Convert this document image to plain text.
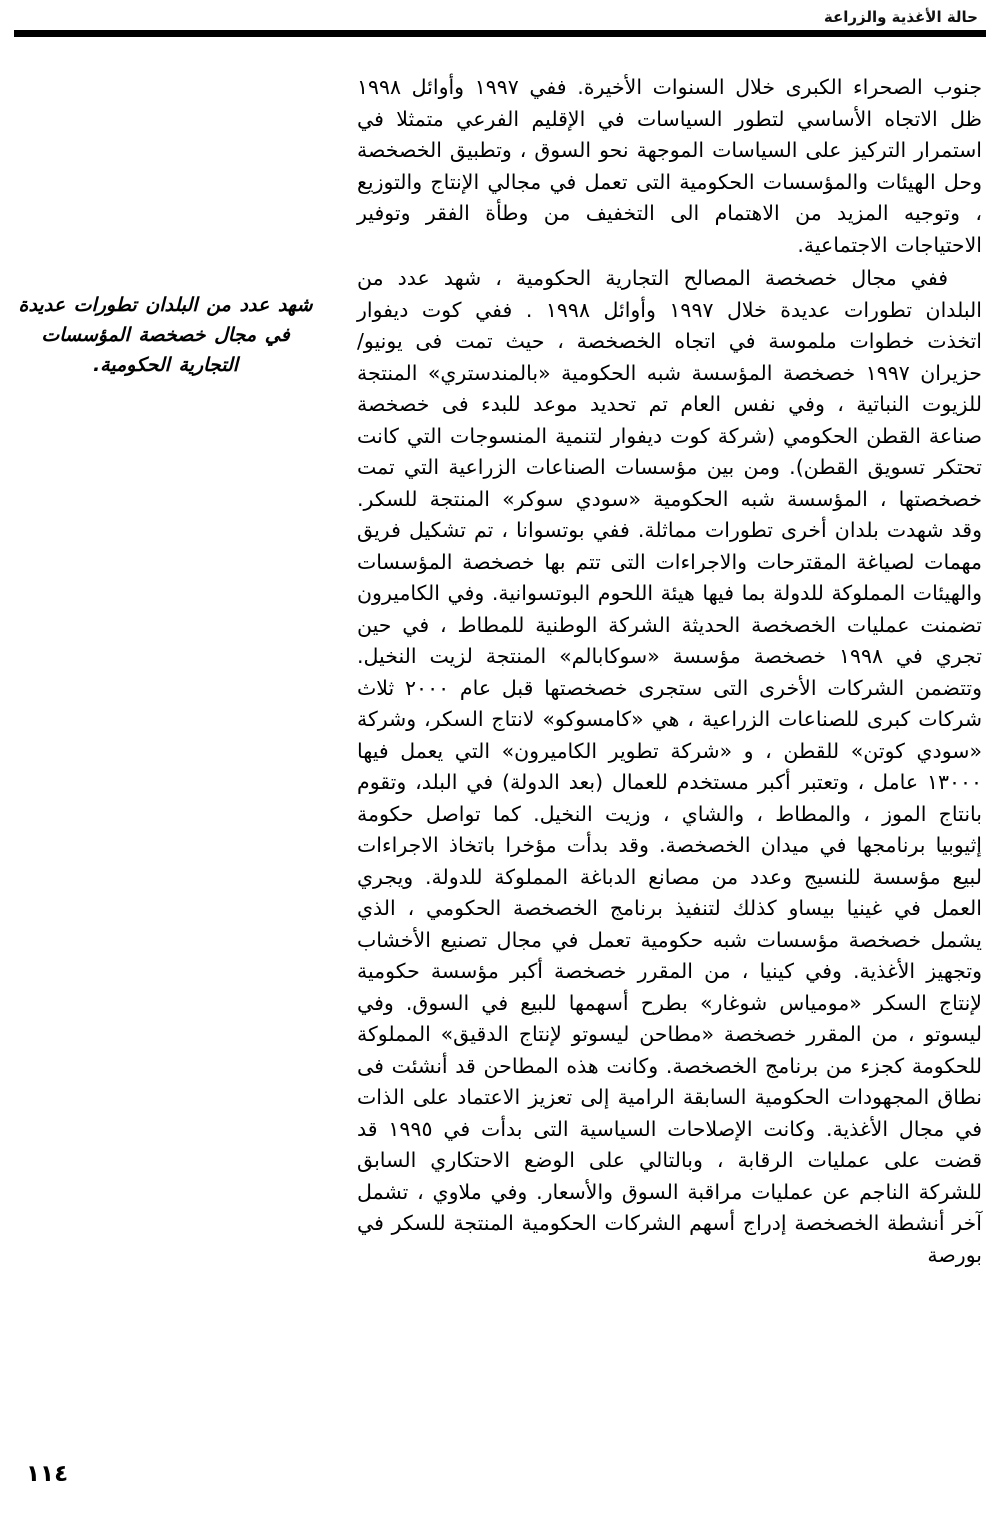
حالة الأغذية والزراعة

جنوب الصحراء الكبرى خلال السنوات الأخيرة. ففي ١٩٩٧ وأوائل ١٩٩٨ ظل الاتجاه الأساسي لتطور السياسات في الإقليم الفرعي متمثلا في استمرار التركيز على السياسات الموجهة نحو السوق ، وتطبيق الخصخصة وحل الهيئات والمؤسسات الحكومية التى تعمل في مجالي الإنتاج والتوزيع ، وتوجيه المزيد من الاهتمام الى التخفيف من وطأة الفقر وتوفير الاحتياجات الاجتماعية.

ففي مجال خصخصة المصالح التجارية الحكومية ، شهد عدد من البلدان تطورات عديدة خلال ١٩٩٧ وأوائل ١٩٩٨ . ففي كوت ديفوار اتخذت خطوات ملموسة في اتجاه الخصخصة ، حيث تمت فى يونيو/ حزيران ١٩٩٧ خصخصة المؤسسة شبه الحكومية «بالمندستري» المنتجة للزيوت النباتية ، وفي نفس العام تم تحديد موعد للبدء فى خصخصة صناعة القطن الحكومي (شركة كوت ديفوار لتنمية المنسوجات التي كانت تحتكر تسويق القطن). ومن بين مؤسسات الصناعات الزراعية التي تمت خصخصتها ، المؤسسة شبه الحكومية «سودي سوكر» المنتجة للسكر. وقد شهدت بلدان أخرى تطورات مماثلة. ففي بوتسوانا ، تم تشكيل فريق مهمات لصياغة المقترحات والاجراءات التى تتم بها خصخصة المؤسسات والهيئات المملوكة للدولة بما فيها هيئة اللحوم البوتسوانية. وفي الكاميرون تضمنت عمليات الخصخصة الحديثة الشركة الوطنية للمطاط ، في حين تجري في ١٩٩٨ خصخصة مؤسسة «سوكابالم» المنتجة لزيت النخيل. وتتضمن الشركات الأخرى التى ستجرى خصخصتها قبل عام ٢٠٠٠ ثلاث شركات كبرى للصناعات الزراعية ، هي «كامسوكو» لانتاج السكر، وشركة «سودي كوتن» للقطن ، و «شركة تطوير الكاميرون» التي يعمل فيها ١٣٠٠٠ عامل ، وتعتبر أكبر مستخدم للعمال (بعد الدولة) في البلد، وتقوم بانتاج الموز ، والمطاط ، والشاي ، وزيت النخيل. كما تواصل حكومة إثيوبيا برنامجها في ميدان الخصخصة. وقد بدأت مؤخرا باتخاذ الاجراءات لبيع مؤسسة للنسيج وعدد من مصانع الدباغة المملوكة للدولة. ويجري العمل في غينيا بيساو كذلك لتنفيذ برنامج الخصخصة الحكومي ، الذي يشمل خصخصة مؤسسات شبه حكومية تعمل في مجال تصنيع الأخشاب وتجهيز الأغذية. وفي كينيا ، من المقرر خصخصة أكبر مؤسسة حكومية لإنتاج السكر «مومياس شوغار» بطرح أسهمها للبيع في السوق. وفي ليسوتو ، من المقرر خصخصة «مطاحن ليسوتو لإنتاج الدقيق» المملوكة للحكومة كجزء من برنامج الخصخصة. وكانت هذه المطاحن قد أنشئت فى نطاق المجهودات الحكومية السابقة الرامية إلى تعزيز الاعتماد على الذات في مجال الأغذية. وكانت الإصلاحات السياسية التى بدأت في ١٩٩٥ قد قضت على عمليات الرقابة ، وبالتالي على الوضع الاحتكاري السابق للشركة الناجم عن عمليات مراقبة السوق والأسعار. وفي ملاوي ، تشمل آخر أنشطة الخصخصة إدراج أسهم الشركات الحكومية المنتجة للسكر في بورصة

شهد عدد من البلدان تطورات عديدة في مجال خصخصة المؤسسات التجارية الحكومية.
١١٤
